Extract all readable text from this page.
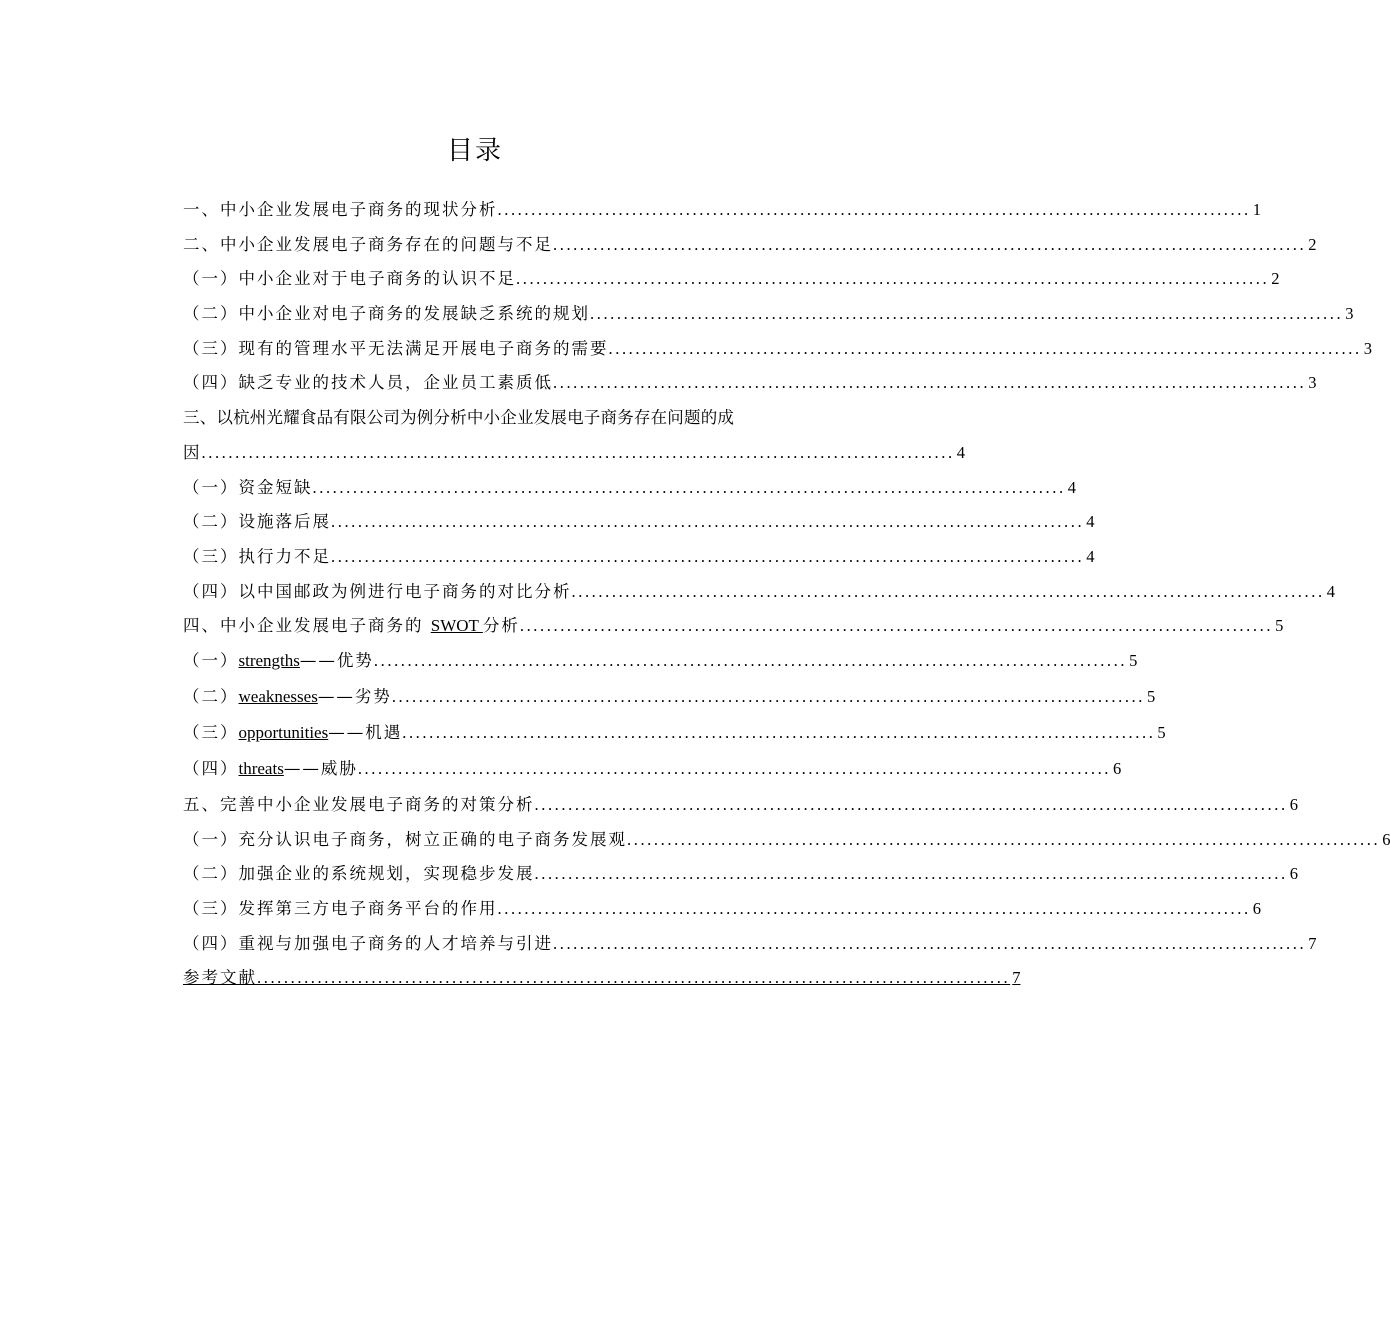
目录
一、中小企业发展电子商务的现状分析 ................................................................................................................ 1
二、中小企业发展电子商务存在的问题与不足 ................................................................................................................ 2
（一）中小企业对于电子商务的认识不足 ................................................................................................................ 2
（二）中小企业对电子商务的发展缺乏系统的规划 ................................................................................................................ 3
（三）现有的管理水平无法满足开展电子商务的需要 ................................................................................................................ 3
（四）缺乏专业的技术人员，企业员工素质低 ................................................................................................................ 3
三、以杭州光耀食品有限公司为例分析中小企业发展电子商务存在问题的成
因 ................................................................................................................ 4
（一）资金短缺 ................................................................................................................ 4
（二）设施落后展 ................................................................................................................ 4
（三）执行力不足 ................................................................................................................ 4
（四）以中国邮政为例进行电子商务的对比分析 ................................................................................................................ 4
四、中小企业发展电子商务的 SWOT 分析 ................................................................................................................ 5
（一）strengths——优势 ................................................................................................................ 5
（二）weaknesses——劣势 ................................................................................................................ 5
（三）opportunities——机遇 ................................................................................................................ 5
（四）threats——威胁 ................................................................................................................ 6
五、完善中小企业发展电子商务的对策分析 ................................................................................................................ 6
（一）充分认识电子商务，树立正确的电子商务发展观 ................................................................................................................ 6
（二）加强企业的系统规划，实现稳步发展 ................................................................................................................ 6
（三）发挥第三方电子商务平台的作用 ................................................................................................................ 6
（四）重视与加强电子商务的人才培养与引进 ................................................................................................................ 7
参考文献 ................................................................................................................ 7
